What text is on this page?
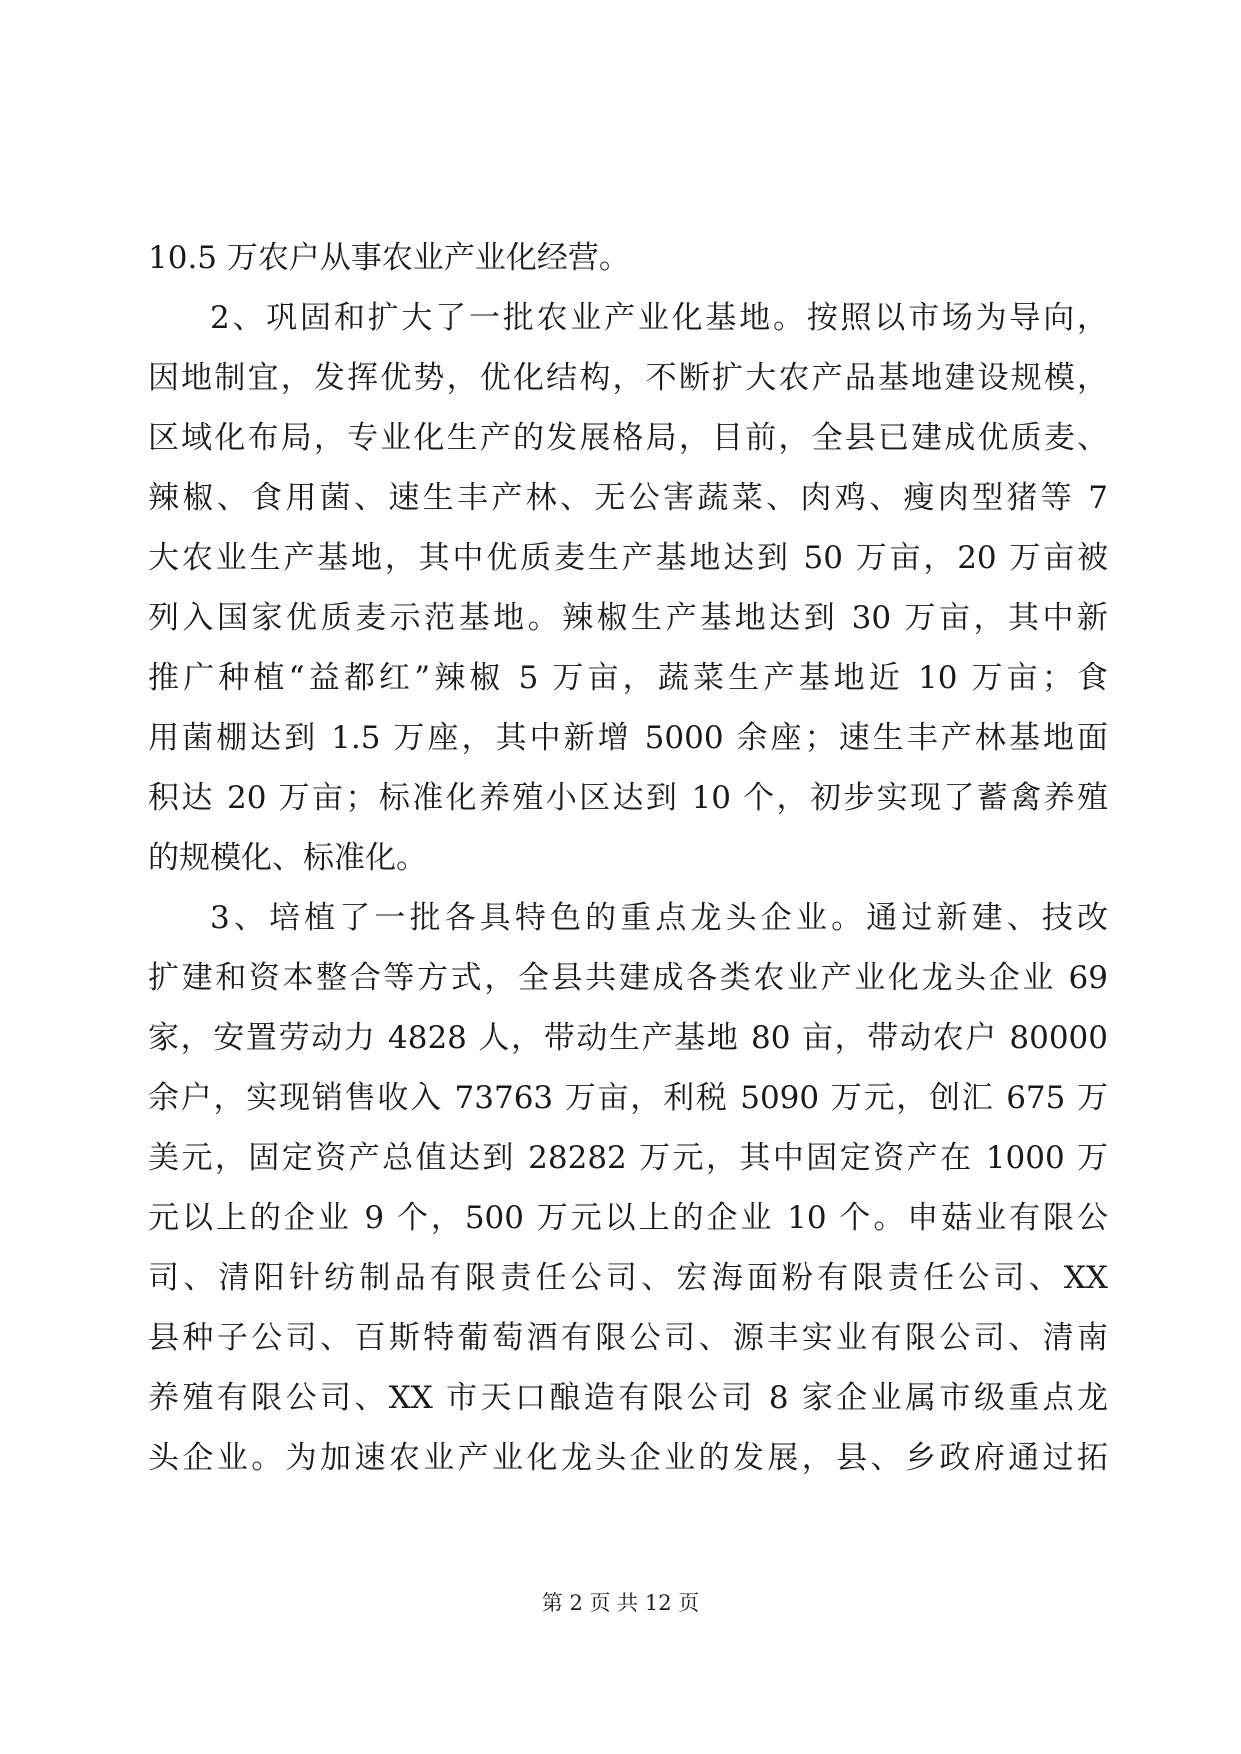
10.5 万农户从事农业产业化经营。
2、巩固和扩大了一批农业产业化基地。按照以市场为导向，
因地制宜，发挥优势，优化结构，不断扩大农产品基地建设规模，
区域化布局，专业化生产的发展格局，目前，全县已建成优质麦、
辣椒、食用菌、速生丰产林、无公害蔬菜、肉鸡、瘦肉型猪等 7
大农业生产基地，其中优质麦生产基地达到 50 万亩，20 万亩被
列入国家优质麦示范基地。辣椒生产基地达到 30 万亩，其中新
推广种植“益都红”辣椒 5 万亩，蔬菜生产基地近 10 万亩；食
用菌棚达到 1.5 万座，其中新增 5000 余座；速生丰产林基地面
积达 20 万亩；标准化养殖小区达到 10 个，初步实现了蓄禽养殖
的规模化、标准化。
3、培植了一批各具特色的重点龙头企业。通过新建、技改
扩建和资本整合等方式，全县共建成各类农业产业化龙头企业 69
家，安置劳动力 4828 人，带动生产基地 80 亩，带动农户 80000
余户，实现销售收入 73763 万亩，利税 5090 万元，创汇 675 万
美元，固定资产总值达到 28282 万元，其中固定资产在 1000 万
元以上的企业 9 个，500 万元以上的企业 10 个。申菇业有限公
司、清阳针纺制品有限责任公司、宏海面粉有限责任公司、XX
县种子公司、百斯特葡萄酒有限公司、源丰实业有限公司、清南
养殖有限公司、XX 市天口酿造有限公司 8 家企业属市级重点龙
头企业。为加速农业产业化龙头企业的发展，县、乡政府通过拓
第 2 页 共 12 页
